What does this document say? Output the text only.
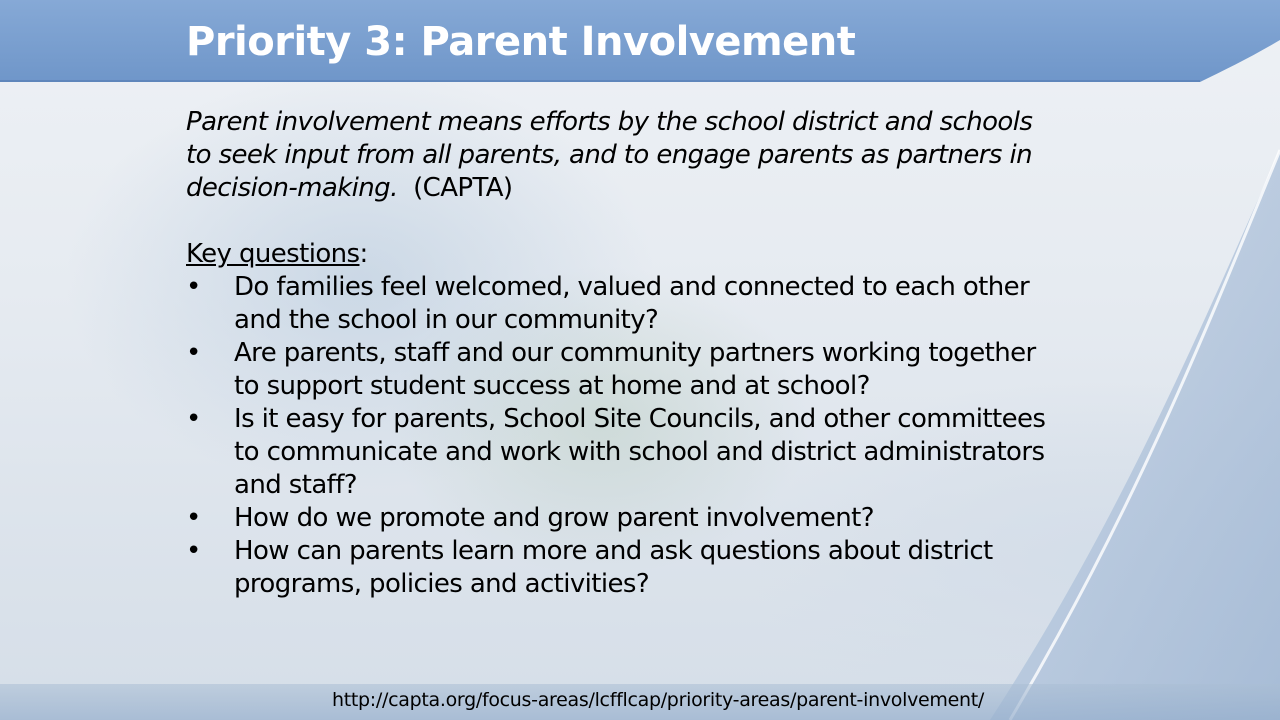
Priority 3: Parent Involvement

Parent involvement means efforts by the school district and schools to seek input from all parents, and to engage parents as partners in decision-making. (CAPTA)

Key questions:

• Do families feel welcomed, valued and connected to each other and the school in our community?
• Are parents, staff and our community partners working together to support student success at home and at school?
• Is it easy for parents, School Site Councils, and other committees to communicate and work with school and district administrators and staff?
• How do we promote and grow parent involvement?
• How can parents learn more and ask questions about district programs, policies and activities?
http://capta.org/focus-areas/lcfflcap/priority-areas/parent-involvement/
